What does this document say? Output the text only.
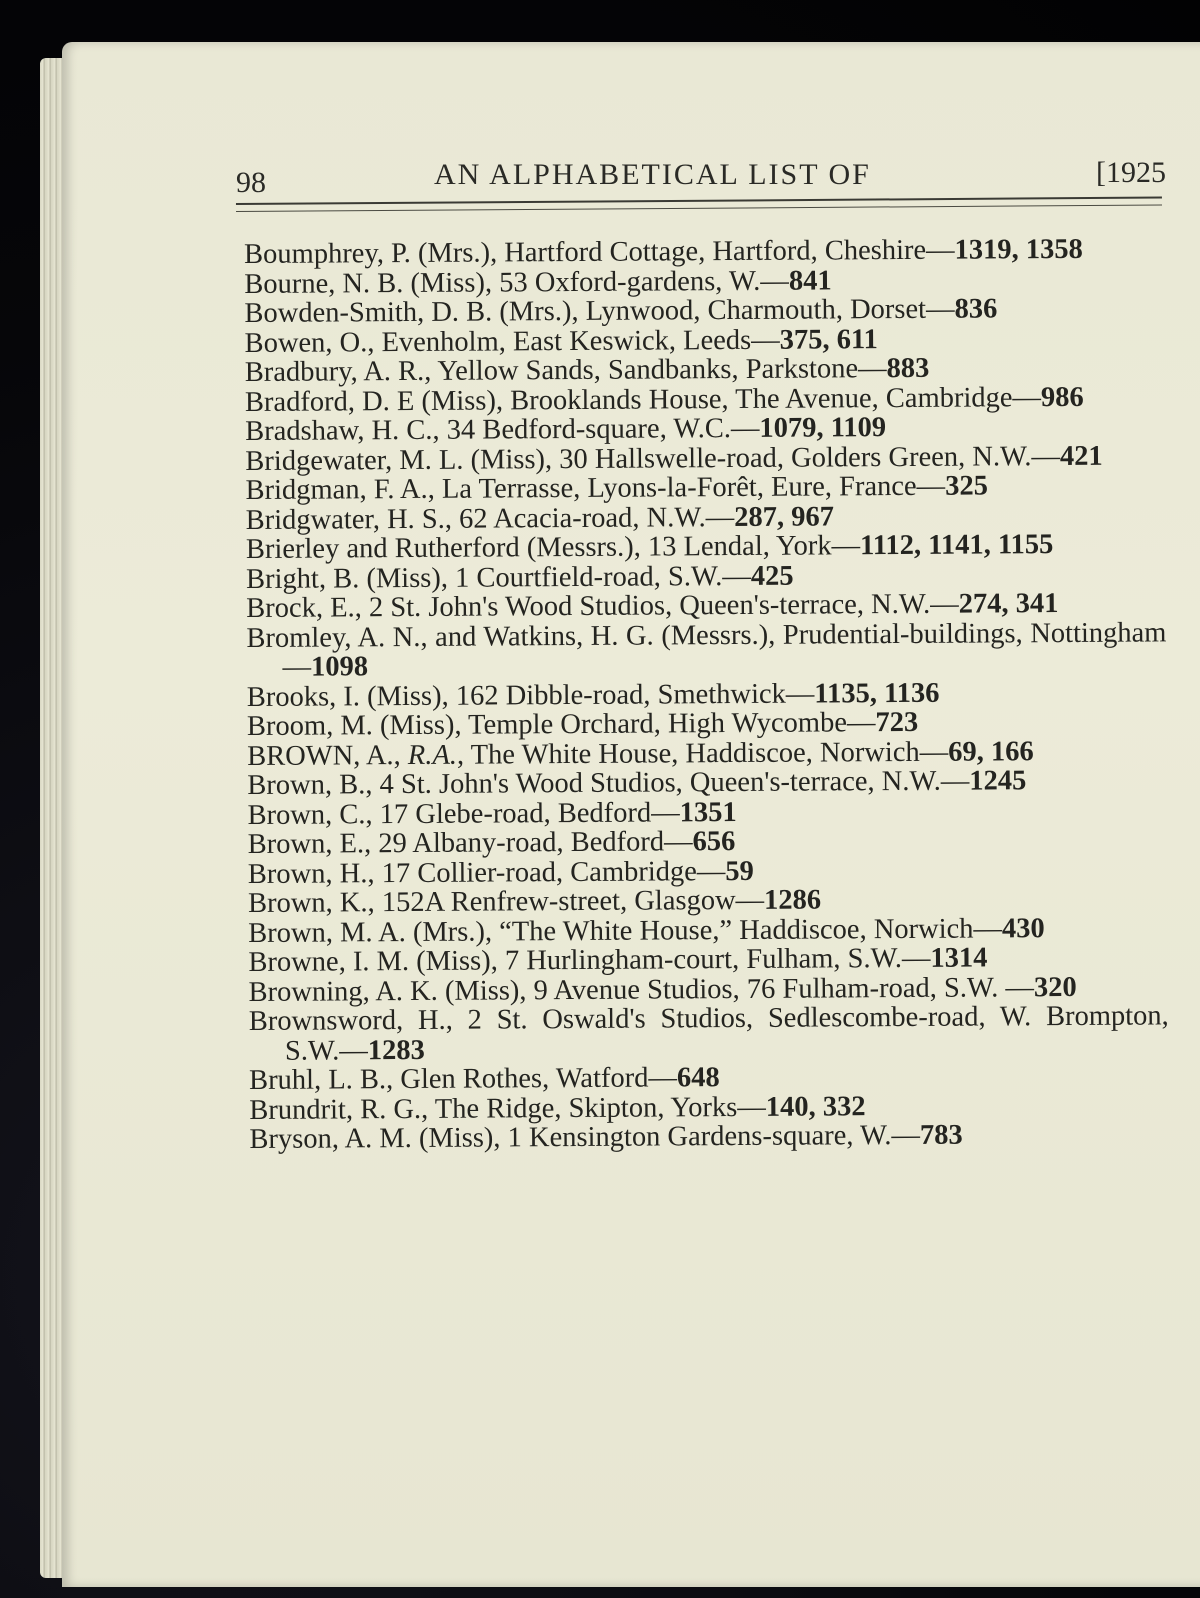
98	AN ALPHABETICAL LIST OF	[1925
Boumphrey, P. (Mrs.), Hartford Cottage, Hartford, Cheshire—1319, 1358
Bourne, N. B. (Miss), 53 Oxford-gardens, W.—841
Bowden-Smith, D. B. (Mrs.), Lynwood, Charmouth, Dorset—836
Bowen, O., Evenholm, East Keswick, Leeds—375, 611
Bradbury, A. R., Yellow Sands, Sandbanks, Parkstone—883
Bradford, D. E (Miss), Brooklands House, The Avenue, Cambridge—986
Bradshaw, H. C., 34 Bedford-square, W.C.—1079, 1109
Bridgewater, M. L. (Miss), 30 Hallswelle-road, Golders Green, N.W.—421
Bridgman, F. A., La Terrasse, Lyons-la-Forêt, Eure, France—325
Bridgwater, H. S., 62 Acacia-road, N.W.—287, 967
Brierley and Rutherford (Messrs.), 13 Lendal, York—1112, 1141, 1155
Bright, B. (Miss), 1 Courtfield-road, S.W.—425
Brock, E., 2 St. John's Wood Studios, Queen's-terrace, N.W.—274, 341
Bromley, A. N., and Watkins, H. G. (Messrs.), Prudential-buildings, Nottingham—1098
Brooks, I. (Miss), 162 Dibble-road, Smethwick—1135, 1136
Broom, M. (Miss), Temple Orchard, High Wycombe—723
BROWN, A., R.A., The White House, Haddiscoe, Norwich—69, 166
Brown, B., 4 St. John's Wood Studios, Queen's-terrace, N.W.—1245
Brown, C., 17 Glebe-road, Bedford—1351
Brown, E., 29 Albany-road, Bedford—656
Brown, H., 17 Collier-road, Cambridge—59
Brown, K., 152A Renfrew-street, Glasgow—1286
Brown, M. A. (Mrs.), “The White House,” Haddiscoe, Norwich—430
Browne, I. M. (Miss), 7 Hurlingham-court, Fulham, S.W.—1314
Browning, A. K. (Miss), 9 Avenue Studios, 76 Fulham-road, S.W. —320
Brownsword, H., 2 St. Oswald's Studios, Sedlescombe-road, W. Brompton, S.W.—1283
Bruhl, L. B., Glen Rothes, Watford—648
Brundrit, R. G., The Ridge, Skipton, Yorks—140, 332
Bryson, A. M. (Miss), 1 Kensington Gardens-square, W.—783
